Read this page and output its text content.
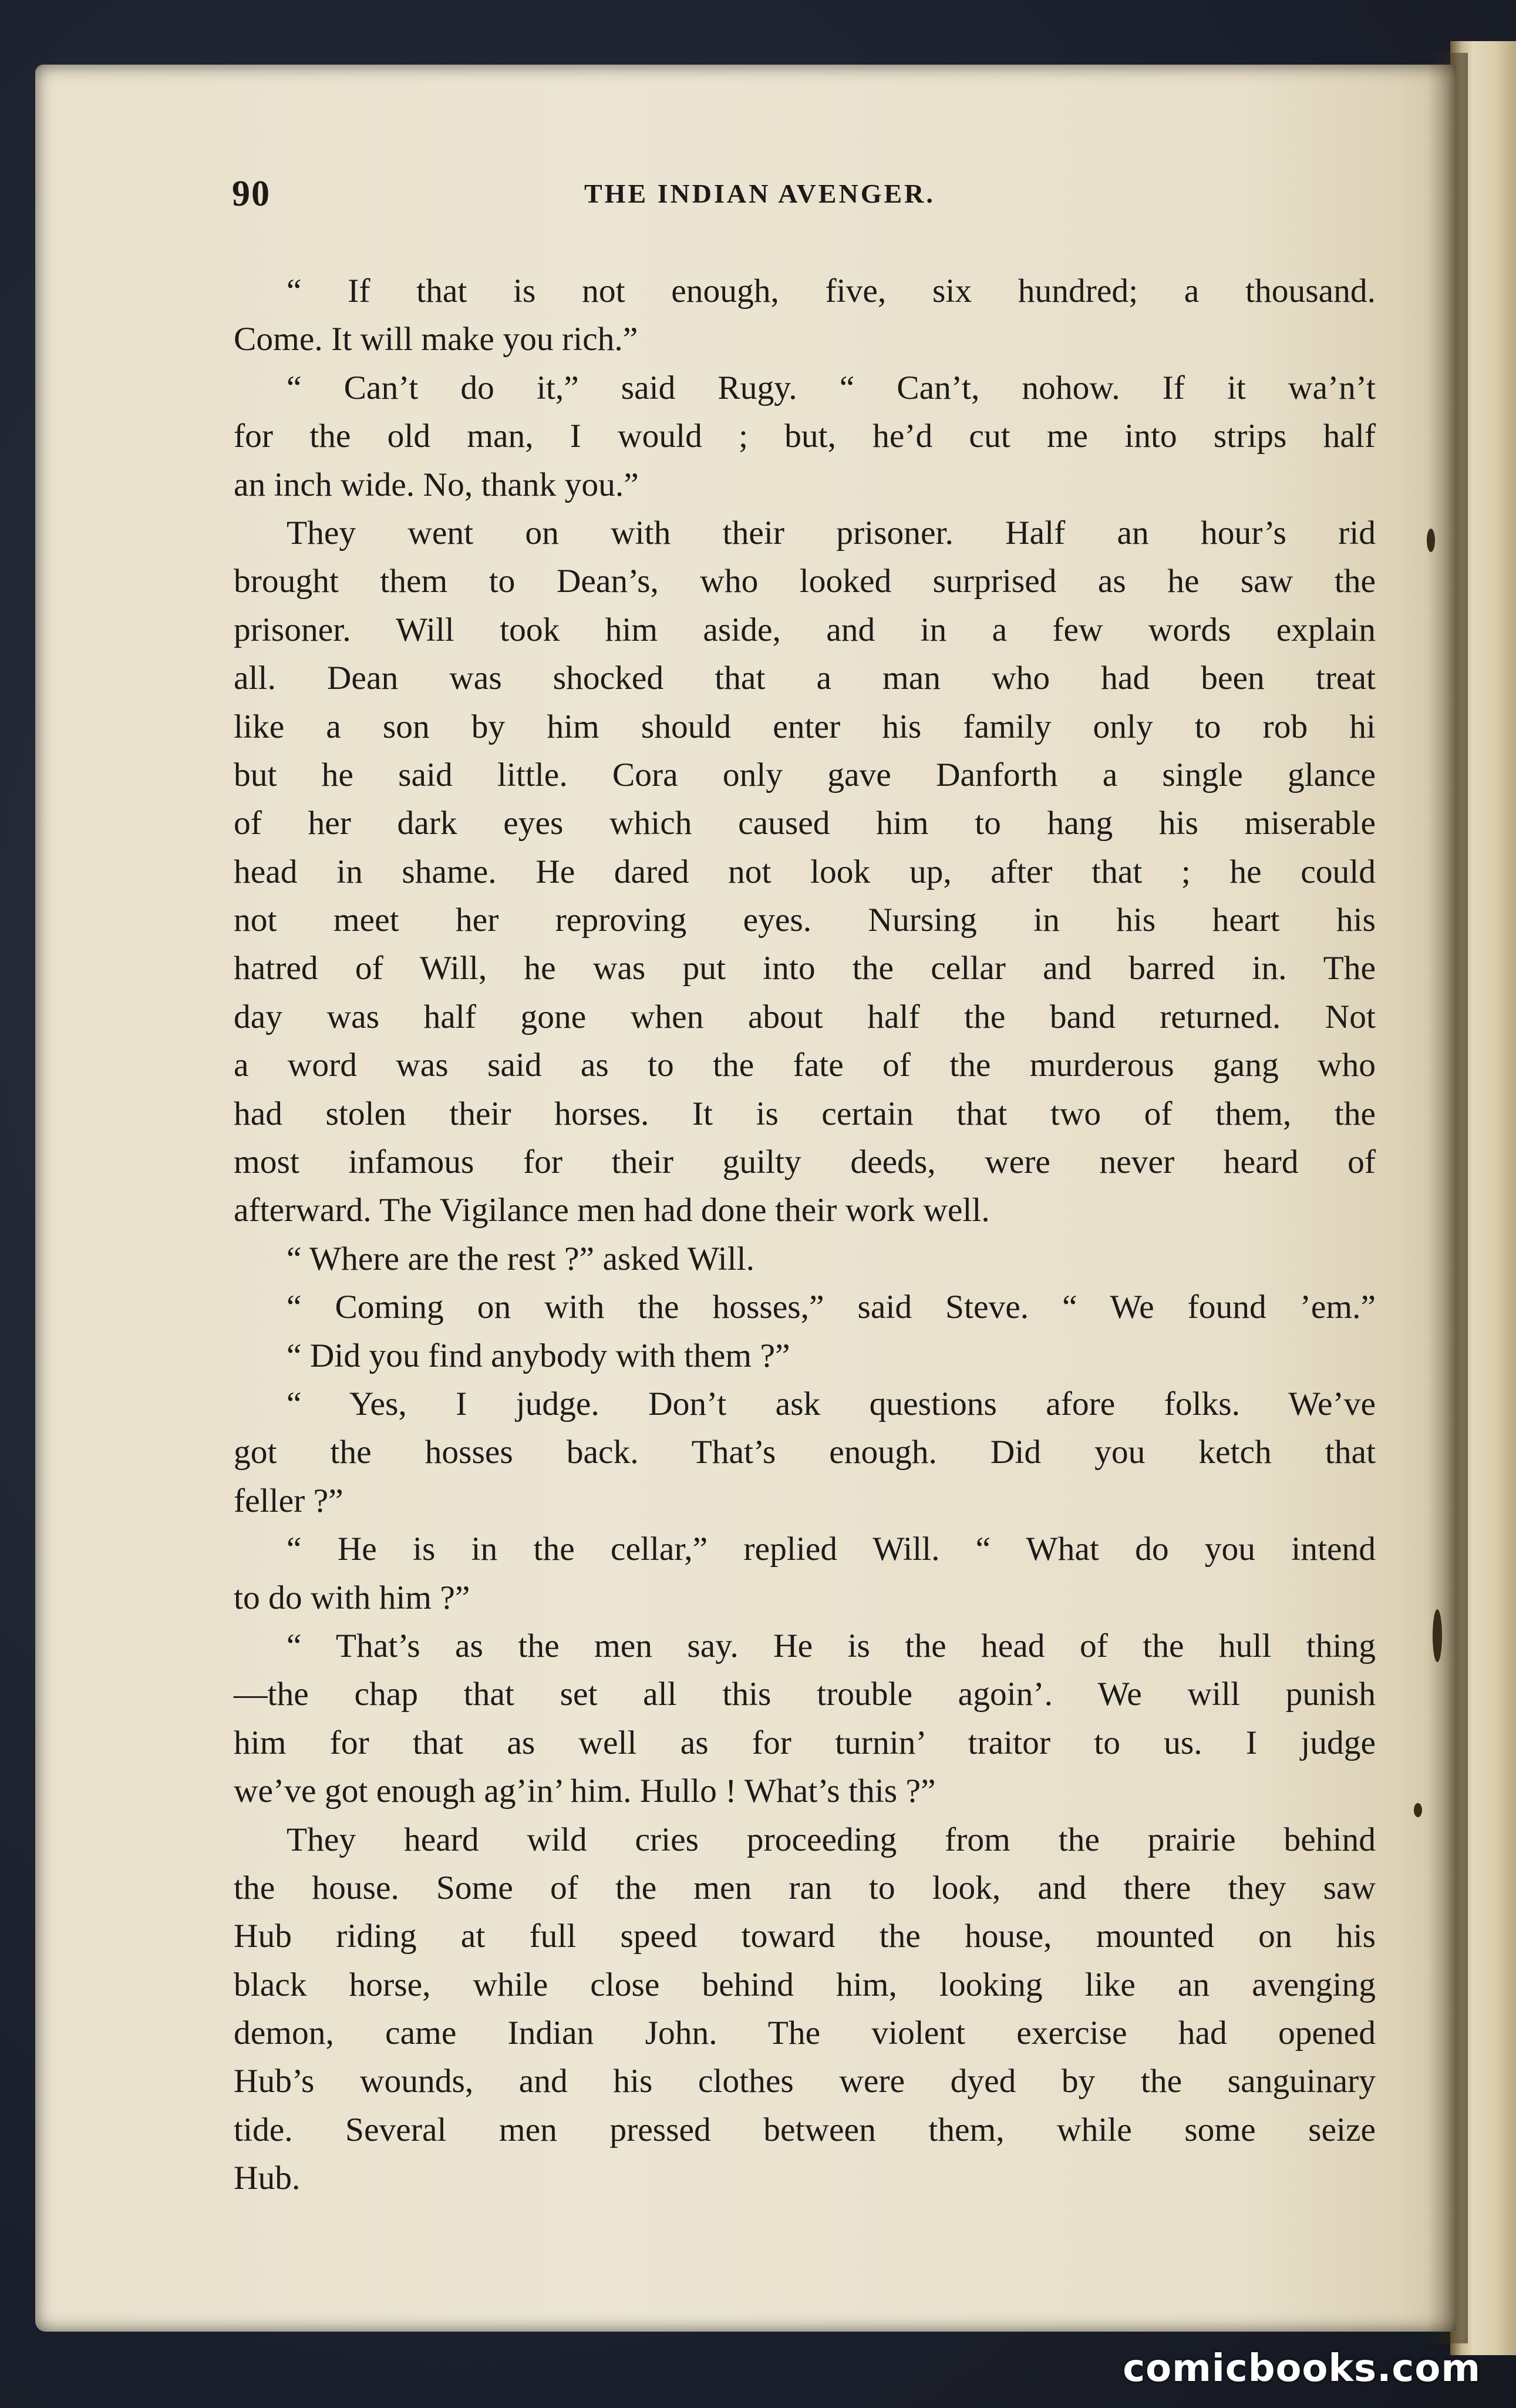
90	THE INDIAN AVENGER.
“ If that is not enough, five, six hundred; a thousand.
Come. It will make you rich.”
“ Can’t do it,” said Rugy. “ Can’t, nohow. If it wa’n’t
for the old man, I would ; but, he’d cut me into strips half
an inch wide. No, thank you.”
They went on with their prisoner. Half an hour’s rid
brought them to Dean’s, who looked surprised as he saw the
prisoner. Will took him aside, and in a few words explain
all. Dean was shocked that a man who had been treat
like a son by him should enter his family only to rob hi
but he said little. Cora only gave Danforth a single glance
of her dark eyes which caused him to hang his miserable
head in shame. He dared not look up, after that ; he could
not meet her reproving eyes. Nursing in his heart his
hatred of Will, he was put into the cellar and barred in. The
day was half gone when about half the band returned. Not
a word was said as to the fate of the murderous gang who
had stolen their horses. It is certain that two of them, the
most infamous for their guilty deeds, were never heard of
afterward. The Vigilance men had done their work well.
“ Where are the rest ?” asked Will.
“ Coming on with the hosses,” said Steve. “ We found ’em.”
“ Did you find anybody with them ?”
“ Yes, I judge. Don’t ask questions afore folks. We’ve
got the hosses back. That’s enough. Did you ketch that
feller ?”
“ He is in the cellar,” replied Will. “ What do you intend
to do with him ?”
“ That’s as the men say. He is the head of the hull thing
—the chap that set all this trouble agoin’. We will punish
him for that as well as for turnin’ traitor to us. I judge
we’ve got enough ag’in’ him. Hullo ! What’s this ?”
They heard wild cries proceeding from the prairie behind
the house. Some of the men ran to look, and there they saw
Hub riding at full speed toward the house, mounted on his
black horse, while close behind him, looking like an avenging
demon, came Indian John. The violent exercise had opened
Hub’s wounds, and his clothes were dyed by the sanguinary
tide. Several men pressed between them, while some seize
Hub.
comicbooks.com
